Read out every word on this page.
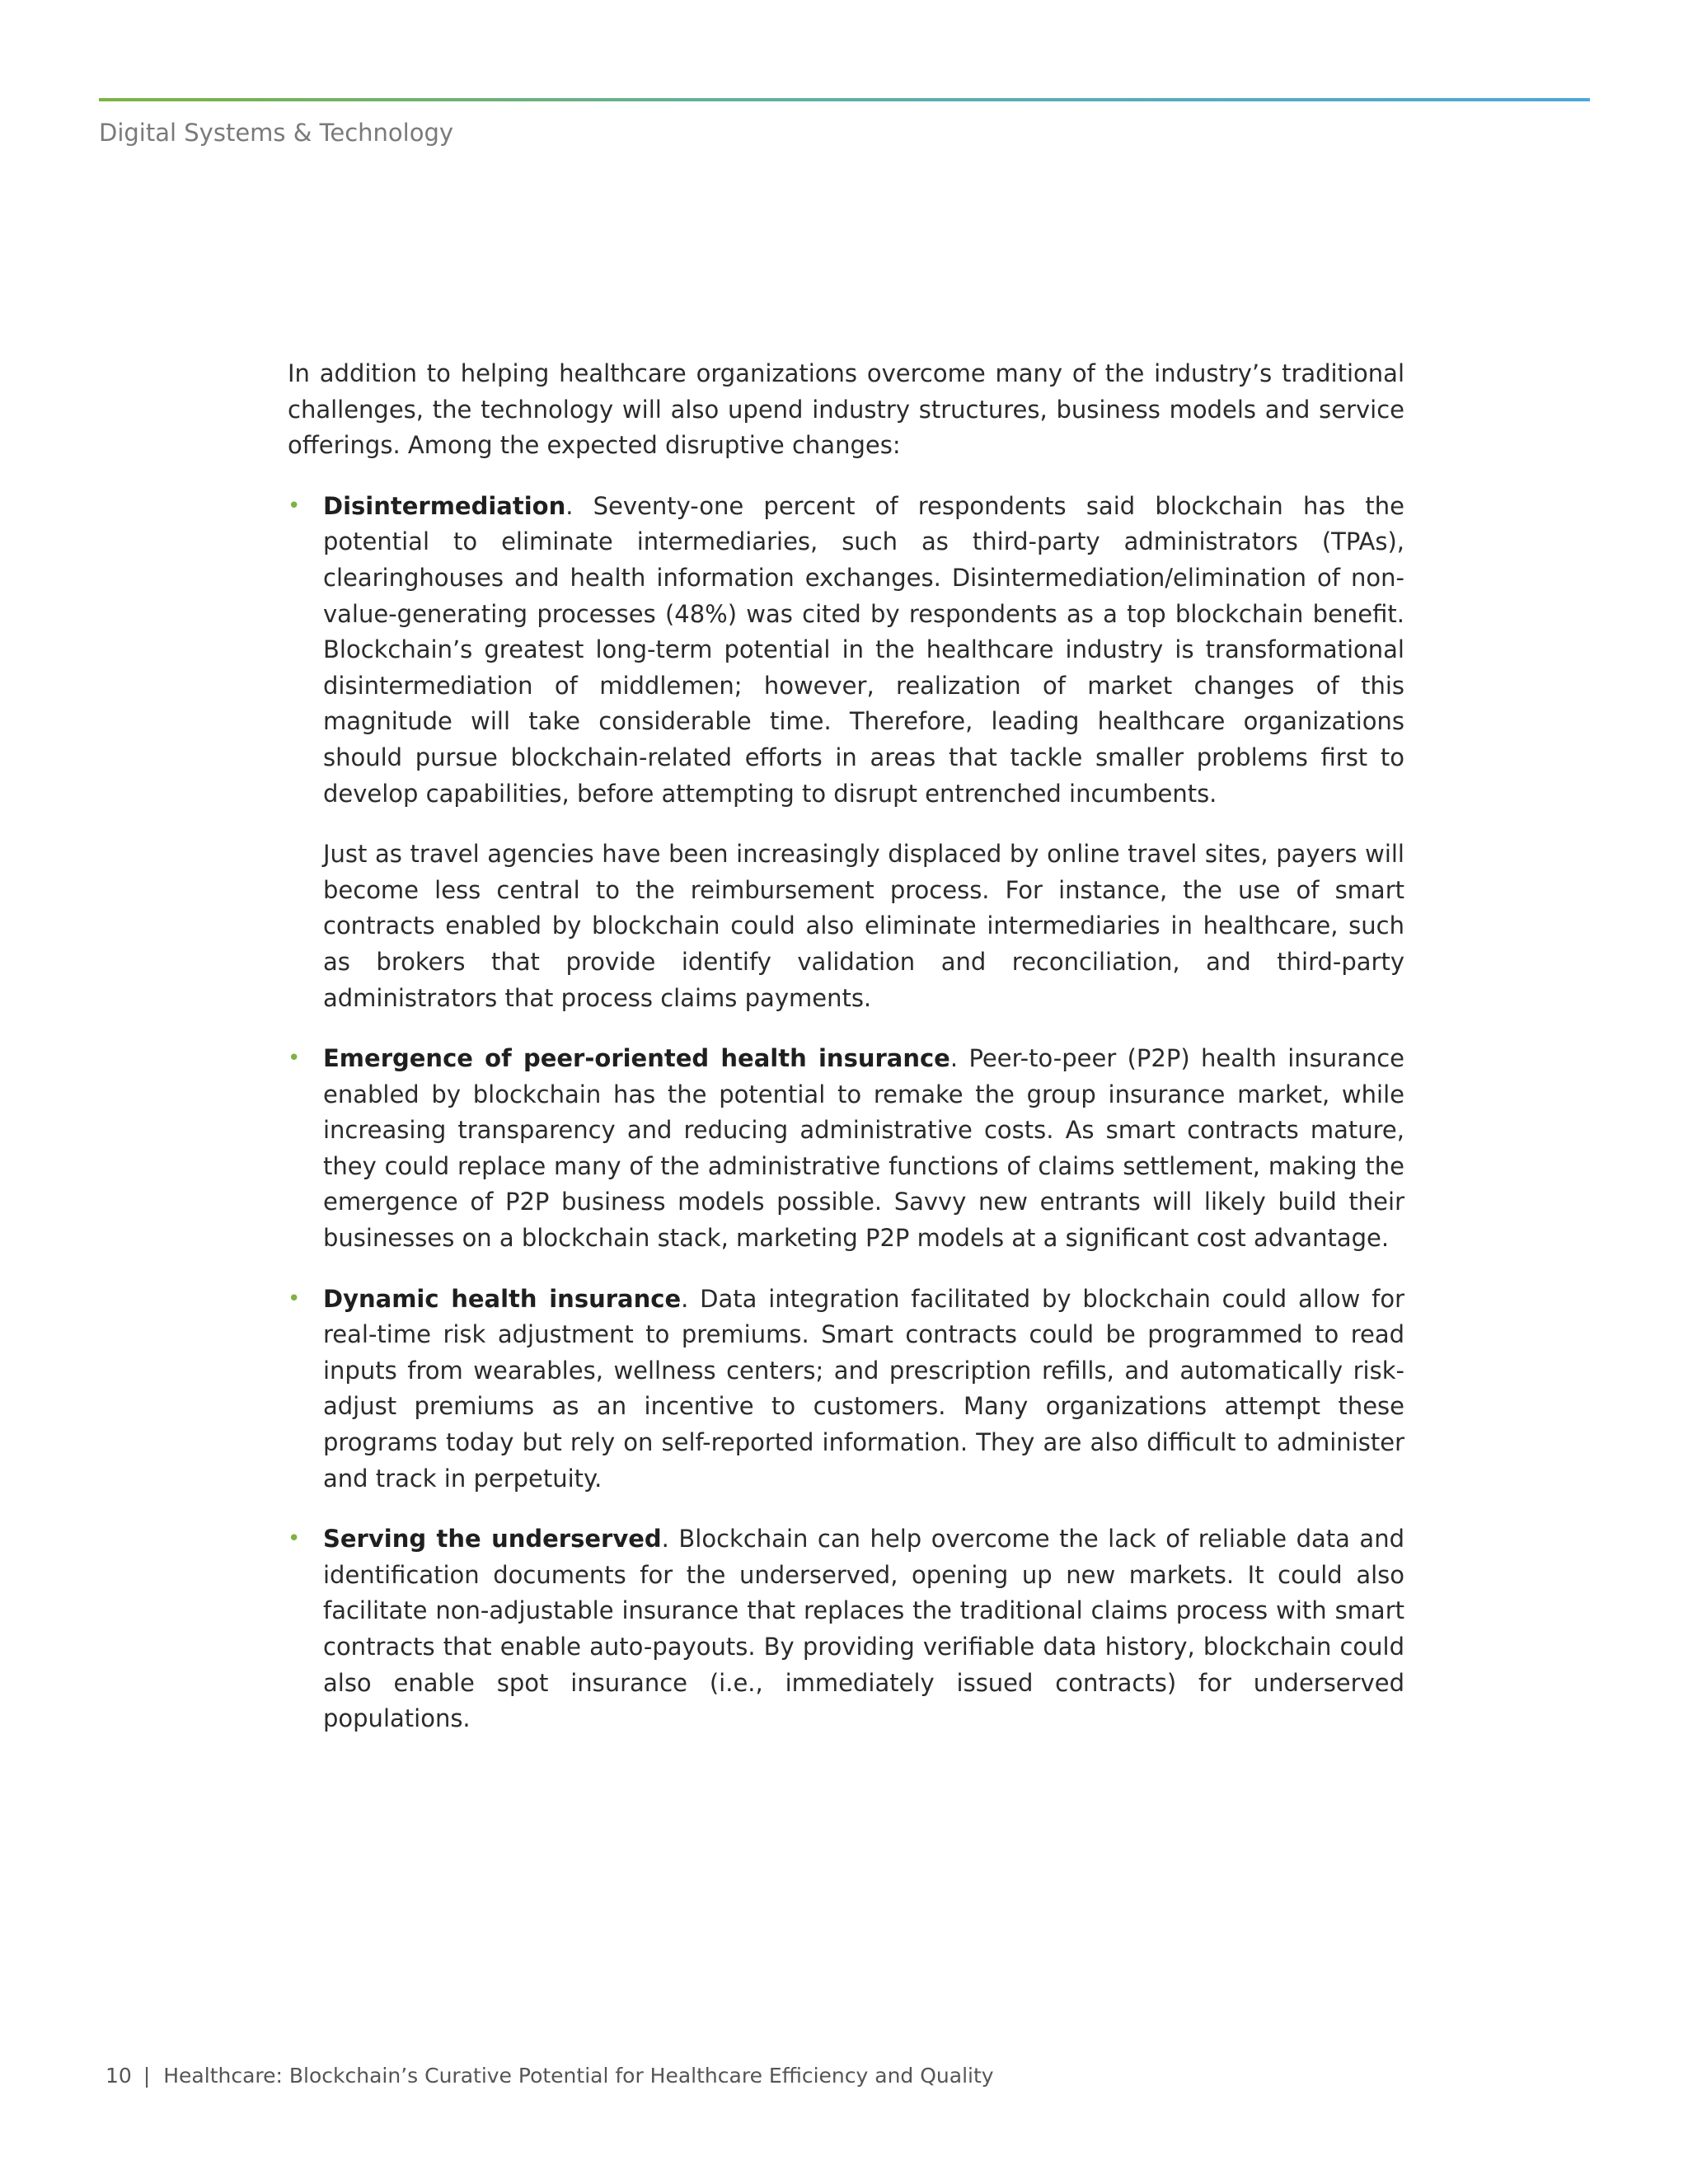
Digital Systems & Technology

In addition to helping healthcare organizations overcome many of the industry’s traditional challenges, the technology will also upend industry structures, business models and service offerings. Among the expected disruptive changes:

• Disintermediation. Seventy-one percent of respondents said blockchain has the potential to eliminate intermediaries, such as third-party administrators (TPAs), clearinghouses and health information exchanges. Disintermediation/elimination of non-value-generating processes (48%) was cited by respondents as a top blockchain benefit. Blockchain’s greatest long-term potential in the healthcare industry is transformational disintermediation of middlemen; however, realization of market changes of this magnitude will take considerable time. Therefore, leading healthcare organizations should pursue blockchain-related efforts in areas that tackle smaller problems first to develop capabilities, before attempting to disrupt entrenched incumbents.

Just as travel agencies have been increasingly displaced by online travel sites, payers will become less central to the reimbursement process. For instance, the use of smart contracts enabled by blockchain could also eliminate intermediaries in healthcare, such as brokers that provide identify validation and reconciliation, and third-party administrators that process claims payments.

• Emergence of peer-oriented health insurance. Peer-to-peer (P2P) health insurance enabled by blockchain has the potential to remake the group insurance market, while increasing transparency and reducing administrative costs. As smart contracts mature, they could replace many of the administrative functions of claims settlement, making the emergence of P2P business models possible. Savvy new entrants will likely build their businesses on a blockchain stack, marketing P2P models at a significant cost advantage.

• Dynamic health insurance. Data integration facilitated by blockchain could allow for real-time risk adjustment to premiums. Smart contracts could be programmed to read inputs from wearables, wellness centers; and prescription refills, and automatically risk-adjust premiums as an incentive to customers. Many organizations attempt these programs today but rely on self-reported information. They are also difficult to administer and track in perpetuity.

• Serving the underserved. Blockchain can help overcome the lack of reliable data and identification documents for the underserved, opening up new markets. It could also facilitate non-adjustable insurance that replaces the traditional claims process with smart contracts that enable auto-payouts. By providing verifiable data history, blockchain could also enable spot insurance (i.e., immediately issued contracts) for underserved populations.

10 | Healthcare: Blockchain’s Curative Potential for Healthcare Efficiency and Quality
